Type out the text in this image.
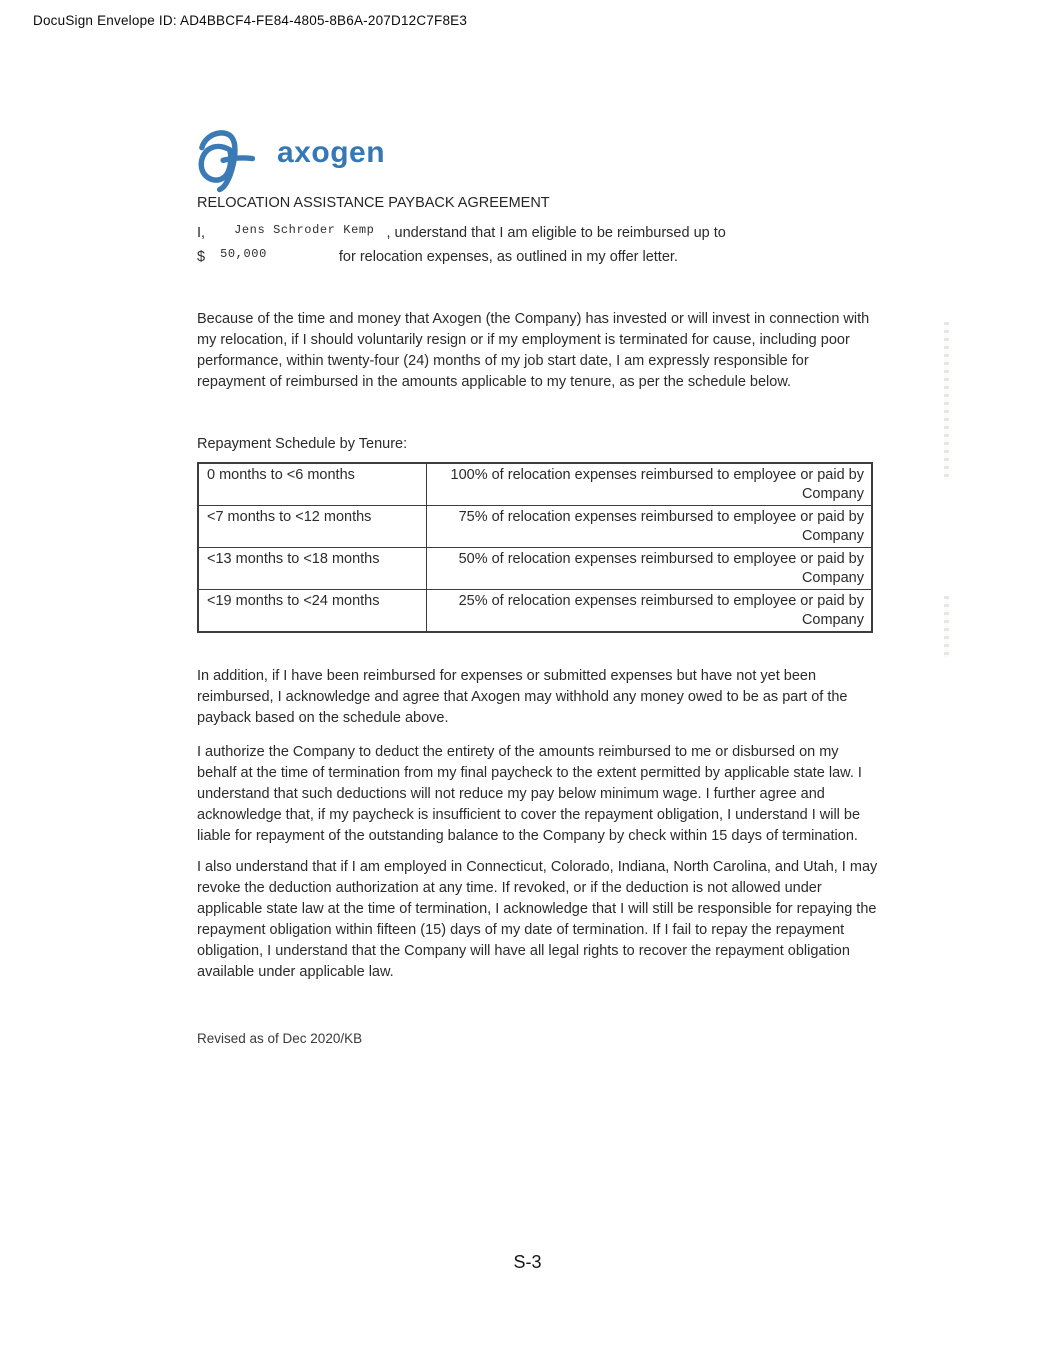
DocuSign Envelope ID: AD4BBCF4-FE84-4805-8B6A-207D12C7F8E3
axogen
RELOCATION ASSISTANCE PAYBACK AGREEMENT
I, $^{Jens Schroder Kemp}$ , understand that I am eligible to be reimbursed up to
$ $^{50,000}$	for relocation expenses, as outlined in my offer letter.

Because of the time and money that Axogen (the Company) has invested or will invest in connection with my relocation, if I should voluntarily resign or if my employment is terminated for cause, including poor performance, within twenty-four (24) months of my job start date, I am expressly responsible for repayment of reimbursed in the amounts applicable to my tenure, as per the schedule below.

Repayment Schedule by Tenure:
0 months to <6 months	100% of relocation expenses reimbursed to employee or paid by
Company

<7 months to <12 months	75% of relocation expenses reimbursed to employee or paid by
Company

<13 months to <18 months	50% of relocation expenses reimbursed to employee or paid by
Company

<19 months to <24 months	25% of relocation expenses reimbursed to employee or paid by
Company

In addition, if I have been reimbursed for expenses or submitted expenses but have not yet been reimbursed, I acknowledge and agree that Axogen may withhold any money owed to be as part of the payback based on the schedule above.

I authorize the Company to deduct the entirety of the amounts reimbursed to me or disbursed on my behalf at the time of termination from my final paycheck to the extent permitted by applicable state law. I understand that such deductions will not reduce my pay below minimum wage. I further agree and acknowledge that, if my paycheck is insufficient to cover the repayment obligation, I understand I will be liable for repayment of the outstanding balance to the Company by check within 15 days of termination.

I also understand that if I am employed in Connecticut, Colorado, Indiana, North Carolina, and Utah, I may revoke the deduction authorization at any time. If revoked, or if the deduction is not allowed under applicable state law at the time of termination, I acknowledge that I will still be responsible for repaying the repayment obligation within fifteen (15) days of my date of termination. If I fail to repay the repayment obligation, I understand that the Company will have all legal rights to recover the repayment obligation available under applicable law.

Revised as of Dec 2020/KB
S-3
